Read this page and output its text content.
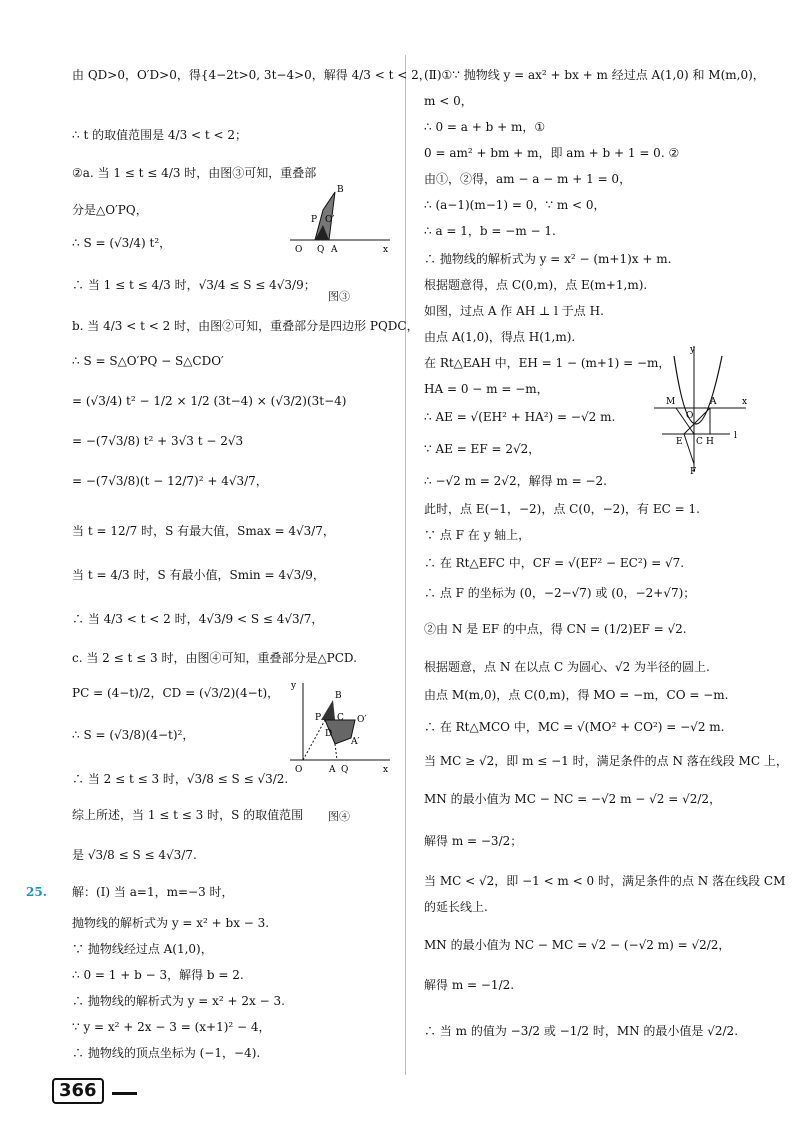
由 QD>0，O′D>0，得{4−2t>0, 3t−4>0，解得 4/3 < t < 2，
∴ t 的取值范围是 4/3 < t < 2；
②a. 当 1 ≤ t ≤ 4/3 时，由图③可知，重叠部
分是△O′PQ，
∴ S = (√3/4) t²，
∴ 当 1 ≤ t ≤ 4/3 时，√3/4 ≤ S ≤ 4√3/9；
b. 当 4/3 < t < 2 时，由图②可知，重叠部分是四边形 PQDC，
∴ S = S△O′PQ − S△CDO′
= (√3/4) t² − 1/2 × 1/2 (3t−4) × (√3/2)(3t−4)
= −(7√3/8) t² + 3√3 t − 2√3
= −(7√3/8)(t − 12/7)² + 4√3/7，
当 t = 12/7 时，S 有最大值，Smax = 4√3/7，
当 t = 4/3 时，S 有最小值，Smin = 4√3/9，
∴ 当 4/3 < t < 2 时，4√3/9 < S ≤ 4√3/7，
c. 当 2 ≤ t ≤ 3 时，由图④可知，重叠部分是△PCD.
PC = (4−t)/2，CD = (√3/2)(4−t)，
∴ S = (√3/8)(4−t)²，
∴ 当 2 ≤ t ≤ 3 时，√3/8 ≤ S ≤ √3/2.
综上所述，当 1 ≤ t ≤ 3 时，S 的取值范围
是 √3/8 ≤ S ≤ 4√3/7.
25. 解：(Ⅰ) 当 a=1，m=−3 时，
抛物线的解析式为 y = x² + bx − 3.
∵ 抛物线经过点 A(1,0)，
∴ 0 = 1 + b − 3，解得 b = 2.
∴ 抛物线的解析式为 y = x² + 2x − 3.
∵ y = x² + 2x − 3 = (x+1)² − 4，
∴ 抛物线的顶点坐标为 (−1，−4).
B
P O′
O Q A	x
图③
y
B
P C O′
D
A′
O	A Q	x
图④
(Ⅱ)①∵ 抛物线 y = ax² + bx + m 经过点 A(1,0) 和 M(m,0)，
m < 0，
∴ 0 = a + b + m，①
0 = am² + bm + m，即 am + b + 1 = 0. ②
由①，②得，am − a − m + 1 = 0，
∴ (a−1)(m−1) = 0，∵ m < 0，
∴ a = 1，b = −m − 1.
∴ 抛物线的解析式为 y = x² − (m+1)x + m.
根据题意得，点 C(0,m)，点 E(m+1,m).
如图，过点 A 作 AH ⊥ l 于点 H.
由点 A(1,0)，得点 H(1,m).
在 Rt△EAH 中，EH = 1 − (m+1) = −m，
HA = 0 − m = −m，
∴ AE = √(EH² + HA²) = −√2 m.
∵ AE = EF = 2√2，
∴ −√2 m = 2√2，解得 m = −2.
此时，点 E(−1，−2)，点 C(0，−2)，有 EC = 1.
∵ 点 F 在 y 轴上，
∴ 在 Rt△EFC 中，CF = √(EF² − EC²) = √7.
∴ 点 F 的坐标为 (0，−2−√7) 或 (0，−2+√7)；
②由 N 是 EF 的中点，得 CN = (1/2)EF = √2.
根据题意，点 N 在以点 C 为圆心、√2 为半径的圆上.
由点 M(m,0)，点 C(0,m)，得 MO = −m，CO = −m.
∴ 在 Rt△MCO 中，MC = √(MO² + CO²) = −√2 m.
当 MC ≥ √2，即 m ≤ −1 时，满足条件的点 N 落在线段 MC 上，
MN 的最小值为 MC − NC = −√2 m − √2 = √2/2，
解得 m = −3/2；
当 MC < √2，即 −1 < m < 0 时，满足条件的点 N 落在线段 CM
的延长线上.
MN 的最小值为 NC − MC = √2 − (−√2 m) = √2/2，
解得 m = −1/2.
∴ 当 m 的值为 −3/2 或 −1/2 时，MN 的最小值是 √2/2.
y
M
O
A	x
E C H
l
F
366
